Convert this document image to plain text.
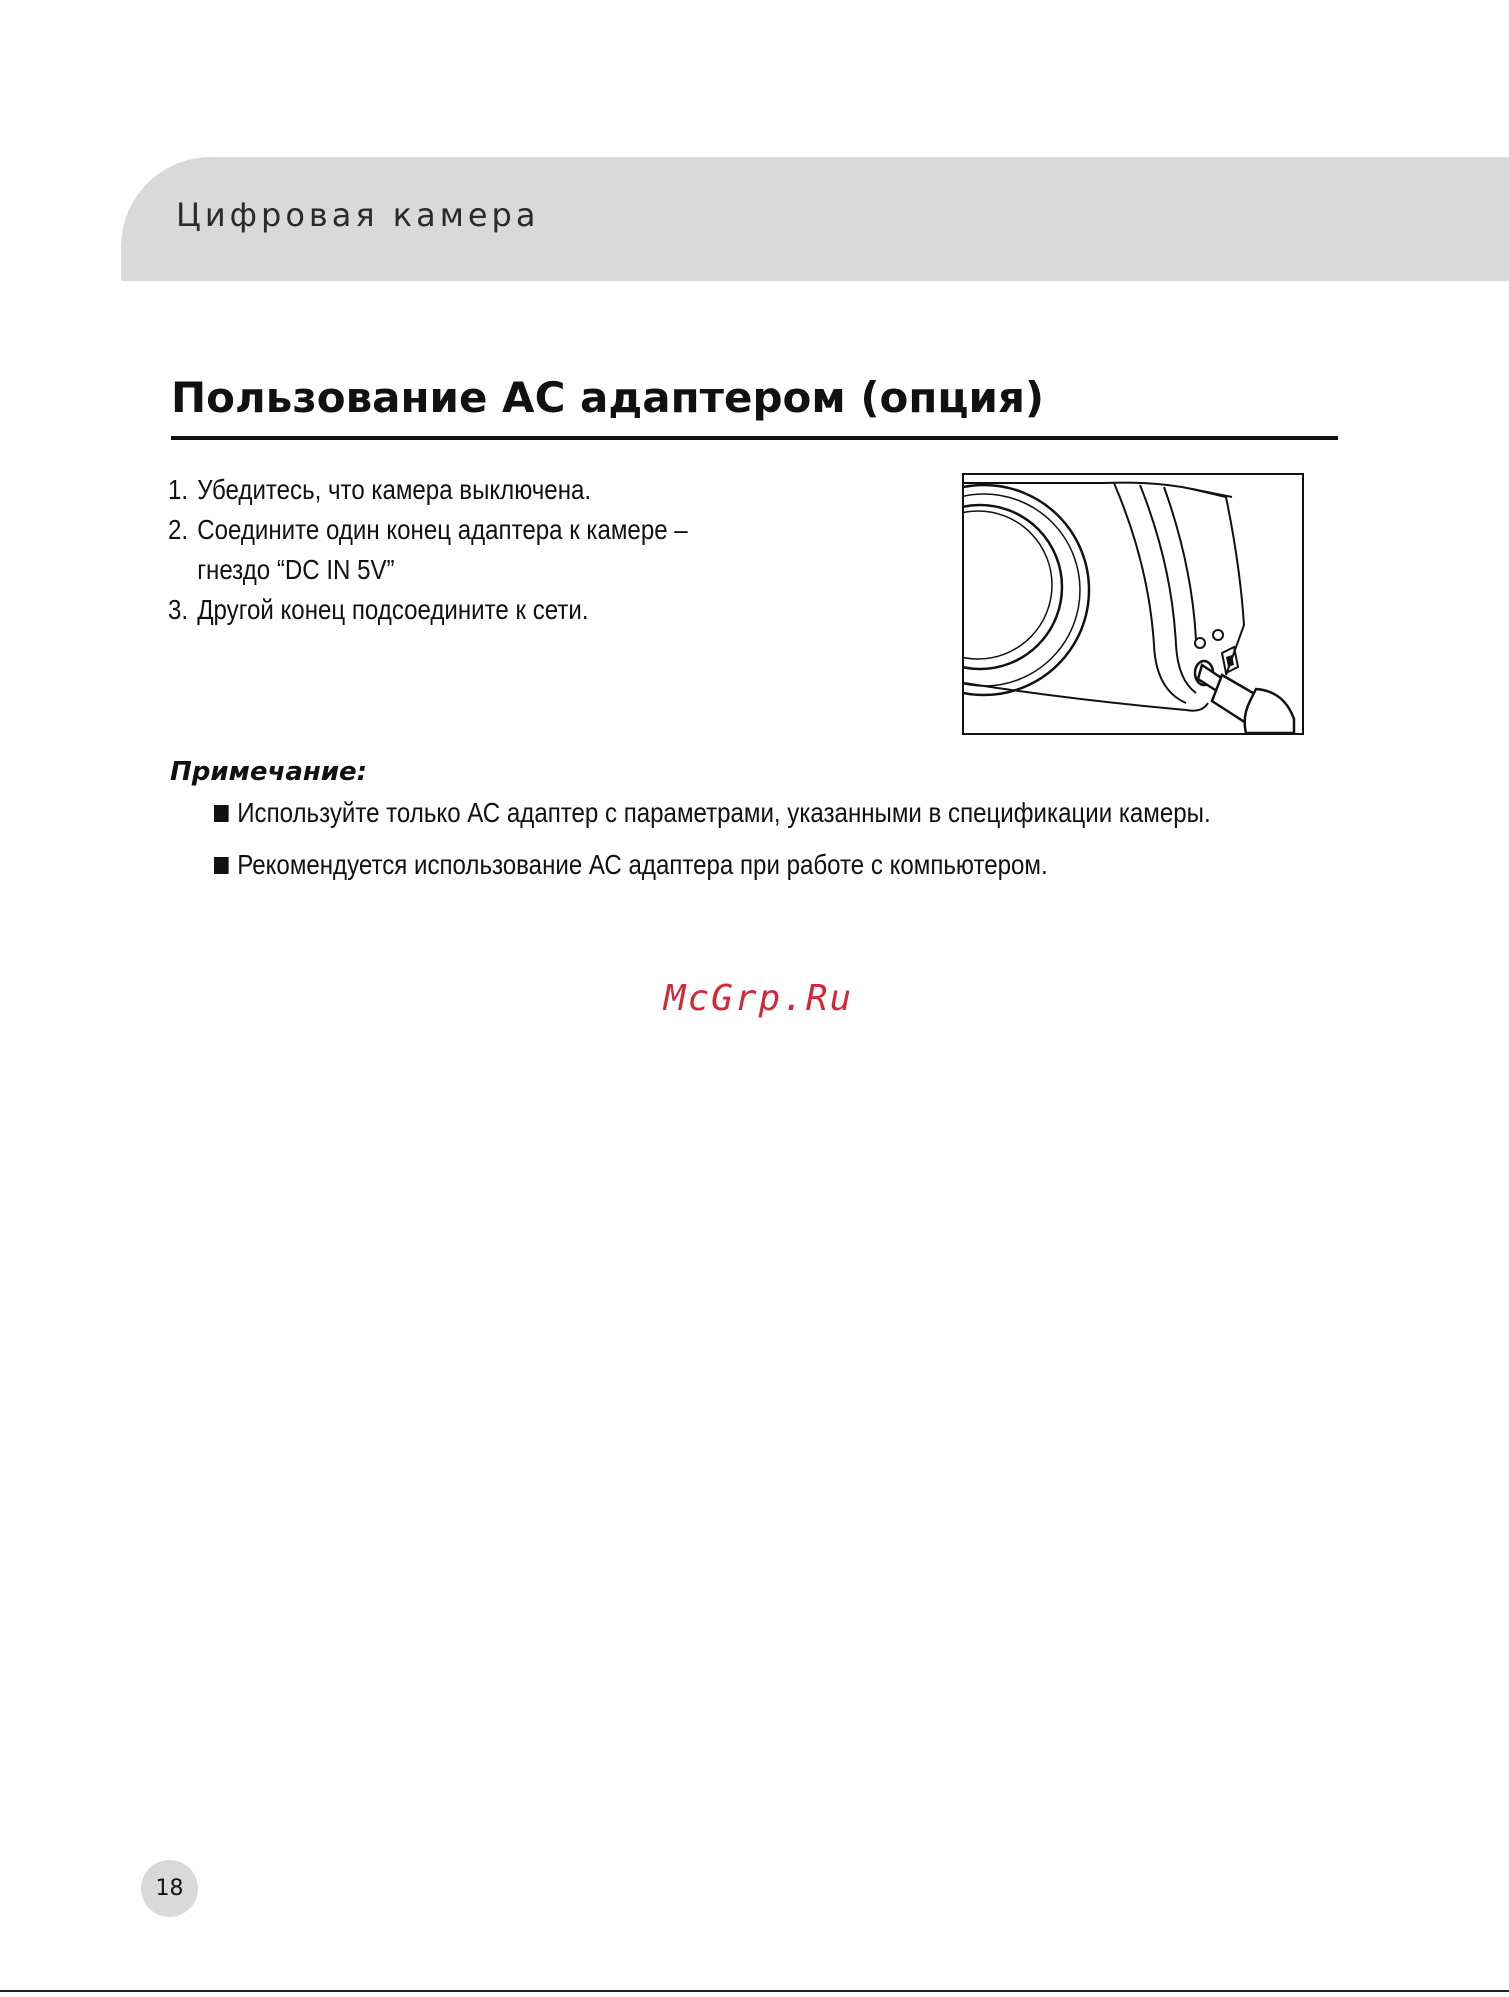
Цифровая камера
Пользование АС адаптером (опция)
1. Убедитесь, что камера выключена.
2. Соедините один конец адаптера к камере – гнездо “DC IN 5V”
3. Другой конец подсоедините к сети.
Примечание:
Используйте только АС адаптер с параметрами, указанными в спецификации камеры.
Рекомендуется использование АС адаптера при работе с компьютером.
McGrp.Ru
18
